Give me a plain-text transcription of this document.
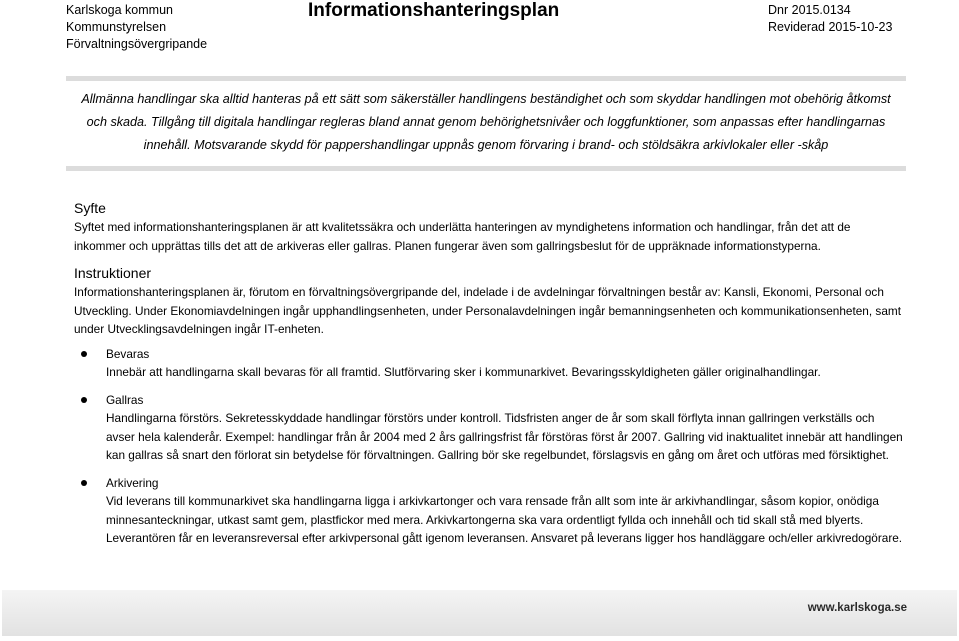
Karlskoga kommun
Kommunstyrelsen
Förvaltningsövergripande
Informationshanteringsplan	Dnr 2015.0134
Reviderad 2015-10-23
Allmänna handlingar ska alltid hanteras på ett sätt som säkerställer handlingens beständighet och som skyddar handlingen mot obehörig åtkomst
och skada. Tillgång till digitala handlingar regleras bland annat genom behörighetsnivåer och loggfunktioner, som anpassas efter handlingarnas
innehåll. Motsvarande skydd för pappershandlingar uppnås genom förvaring i brand- och stöldsäkra arkivlokaler eller -skåp
Syfte

Syftet med informationshanteringsplanen är att kvalitetssäkra och underlätta hanteringen av myndighetens information och handlingar, från det att de inkommer och upprättas tills det att de arkiveras eller gallras. Planen fungerar även som gallringsbeslut för de uppräknade informationstyperna.

Instruktioner

Informationshanteringsplanen är, förutom en förvaltningsövergripande del, indelade i de avdelningar förvaltningen består av: Kansli, Ekonomi, Personal och Utveckling. Under Ekonomiavdelningen ingår upphandlingsenheten, under Personalavdelningen ingår bemanningsenheten och kommunikationsenheten, samt under Utvecklingsavdelningen ingår IT-enheten.

Bevaras
Innebär att handlingarna skall bevaras för all framtid. Slutförvaring sker i kommunarkivet. Bevaringsskyldigheten gäller originalhandlingar.
Gallras
Handlingarna förstörs. Sekretesskyddade handlingar förstörs under kontroll. Tidsfristen anger de år som skall förflyta innan gallringen verkställs och avser hela kalenderår. Exempel: handlingar från år 2004 med 2 års gallringsfrist får förstöras först år 2007. Gallring vid inaktualitet innebär att handlingen kan gallras så snart den förlorat sin betydelse för förvaltningen. Gallring bör ske regelbundet, förslagsvis en gång om året och utföras med försiktighet.
Arkivering
Vid leverans till kommunarkivet ska handlingarna ligga i arkivkartonger och vara rensade från allt som inte är arkivhandlingar, såsom kopior, onödiga minnesanteckningar, utkast samt gem, plastfickor med mera. Arkivkartongerna ska vara ordentligt fyllda och innehåll och tid skall stå med blyerts. Leverantören får en leveransreversal efter arkivpersonal gått igenom leveransen. Ansvaret på leverans ligger hos handläggare och/eller arkivredogörare.
www.karlskoga.se
